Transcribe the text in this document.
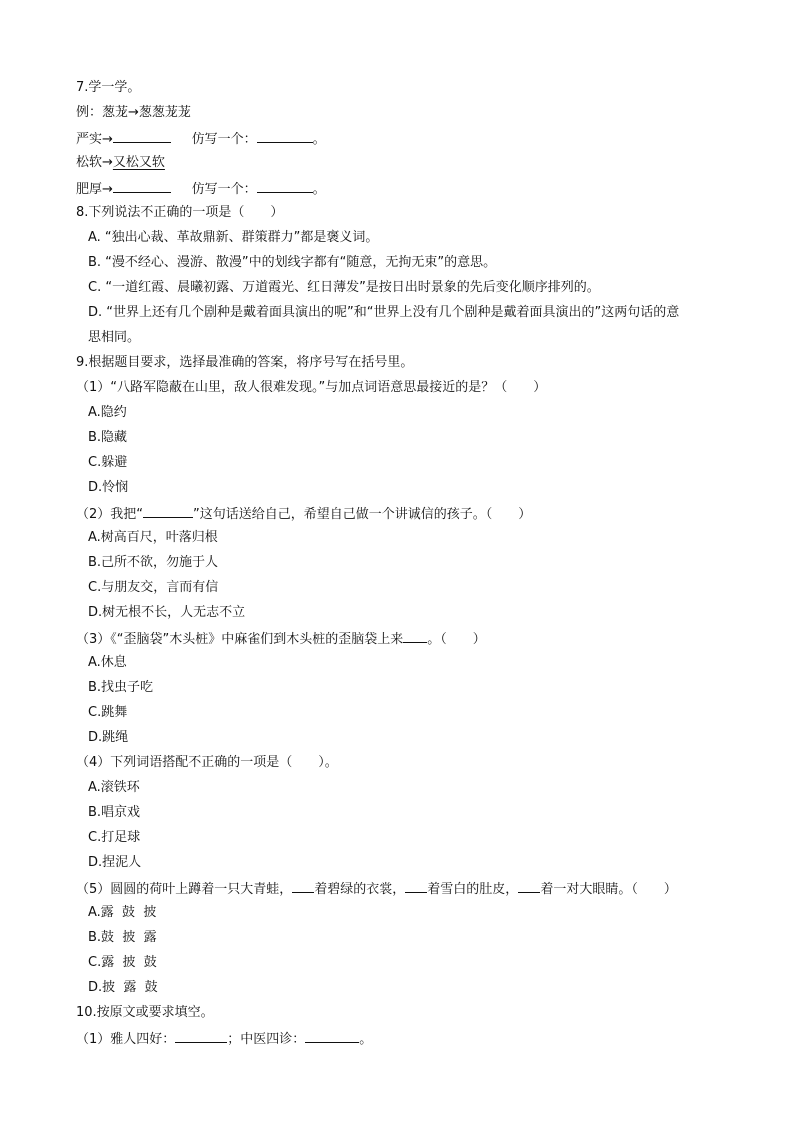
7.学一学。
例：葱茏→葱葱茏茏
严实→	仿写一个：	。
松软→又松又软
肥厚→	仿写一个：	。
8.下列说法不正确的一项是（　　）
A. “独出心裁、革故鼎新、群策群力”都是褒义词。
B. “漫不经心、漫游、散漫”中的划线字都有“随意，无拘无束”的意思。
C. “一道红霞、晨曦初露、万道霞光、红日薄发”是按日出时景象的先后变化顺序排列的。
D. “世界上还有几个剧种是戴着面具演出的呢”和“世界上没有几个剧种是戴着面具演出的”这两句话的意
思相同。
9.根据题目要求，选择最准确的答案，将序号写在括号里。
（1）“八路军隐蔽在山里，敌人很难发现。”与加点词语意思最接近的是？（　　）
A.隐约
B.隐藏
C.躲避
D.怜悯
（2）我把“	”这句话送给自己，希望自己做一个讲诚信的孩子。（　　）
A.树高百尺，叶落归根
B.己所不欲，勿施于人
C.与朋友交，言而有信
D.树无根不长，人无志不立
（3）《“歪脑袋”木头桩》中麻雀们到木头桩的歪脑袋上来 。（　　）
A.休息
B.找虫子吃
C.跳舞
D.跳绳
（4）下列词语搭配不正确的一项是（　　）。
A.滚铁环
B.唱京戏
C.打足球
D.捏泥人
（5）圆圆的荷叶上蹲着一只大青蛙， 着碧绿的衣裳， 着雪白的肚皮， 着一对大眼睛。（　　）
A.露  鼓  披
B.鼓  披  露
C.露  披  鼓
D.披  露  鼓
10.按原文或要求填空。
（1）雅人四好：	；中医四诊：	。
